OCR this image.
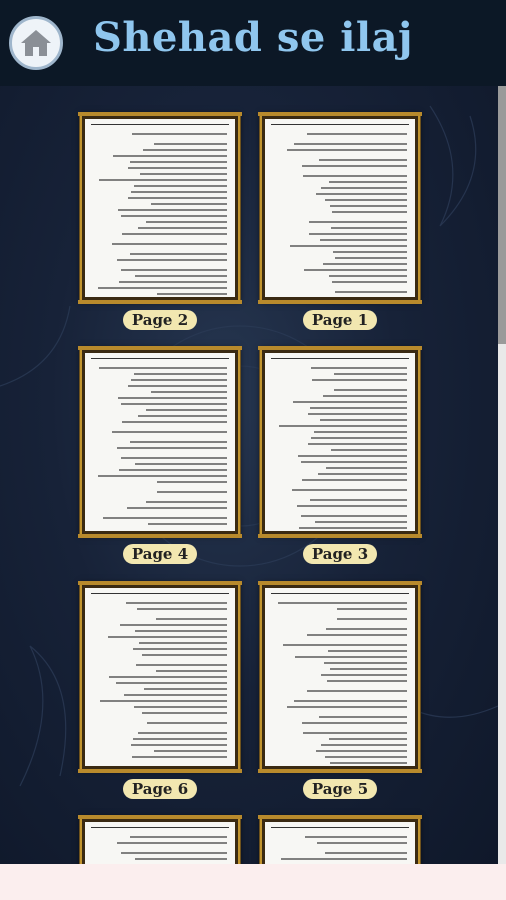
Shehad se ilaj
Page 2	Page 1
Page 4	Page 3
Page 6	Page 5
